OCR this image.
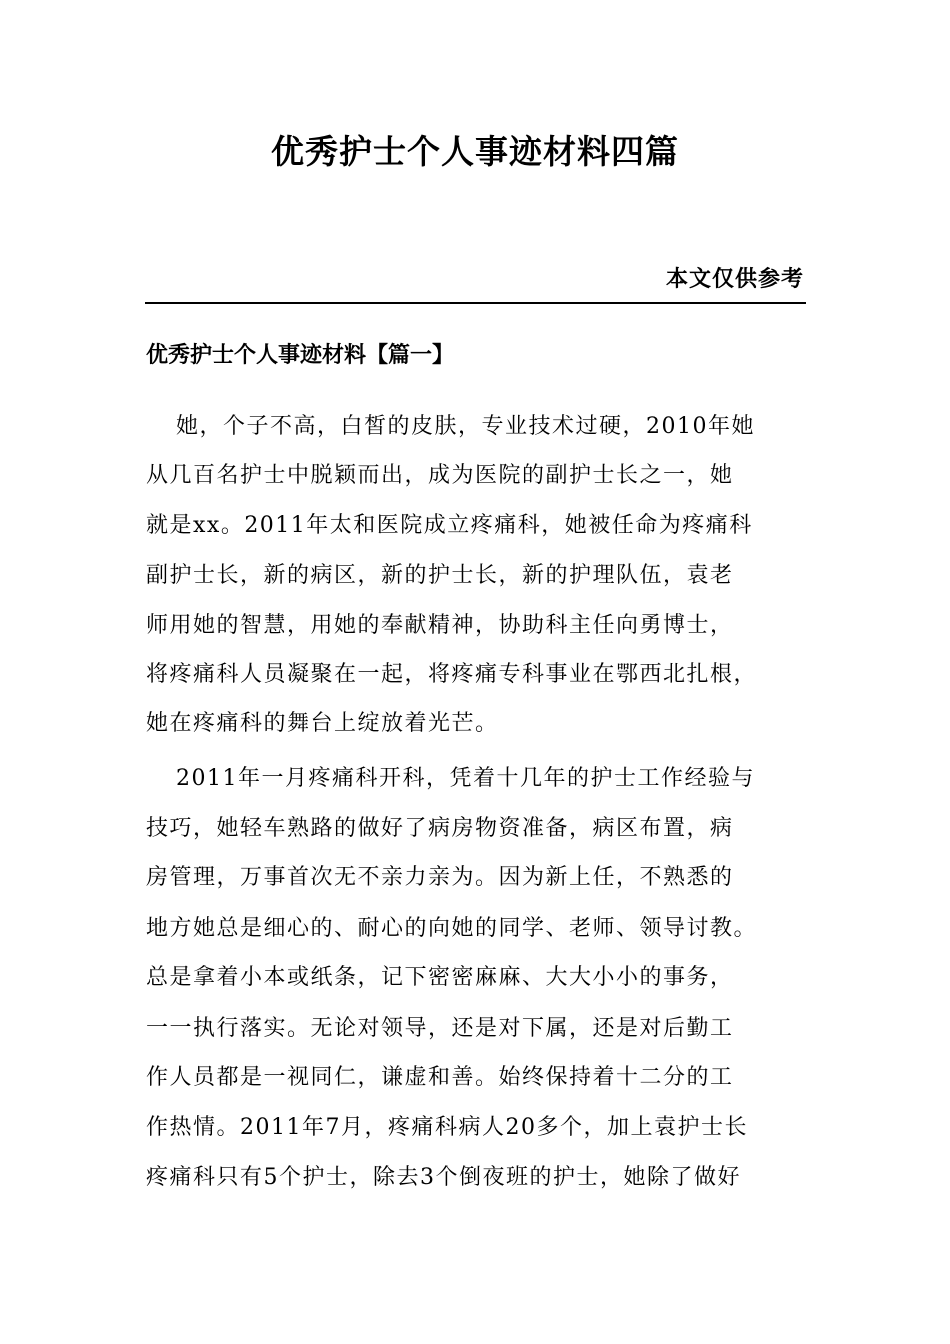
优秀护士个人事迹材料四篇
本文仅供参考
优秀护士个人事迹材料【篇一】
她，个子不高，白皙的皮肤，专业技术过硬，2010年她
从几百名护士中脱颖而出，成为医院的副护士长之一，她
就是xx。2011年太和医院成立疼痛科，她被任命为疼痛科
副护士长，新的病区，新的护士长，新的护理队伍，袁老
师用她的智慧，用她的奉献精神，协助科主任向勇博士，
将疼痛科人员凝聚在一起，将疼痛专科事业在鄂西北扎根，
她在疼痛科的舞台上绽放着光芒。
2011年一月疼痛科开科，凭着十几年的护士工作经验与
技巧，她轻车熟路的做好了病房物资准备，病区布置，病
房管理，万事首次无不亲力亲为。因为新上任，不熟悉的
地方她总是细心的、耐心的向她的同学、老师、领导讨教。
总是拿着小本或纸条，记下密密麻麻、大大小小的事务，
一一执行落实。无论对领导，还是对下属，还是对后勤工
作人员都是一视同仁，谦虚和善。始终保持着十二分的工
作热情。2011年7月，疼痛科病人20多个，加上袁护士长
疼痛科只有5个护士，除去3个倒夜班的护士，她除了做好
